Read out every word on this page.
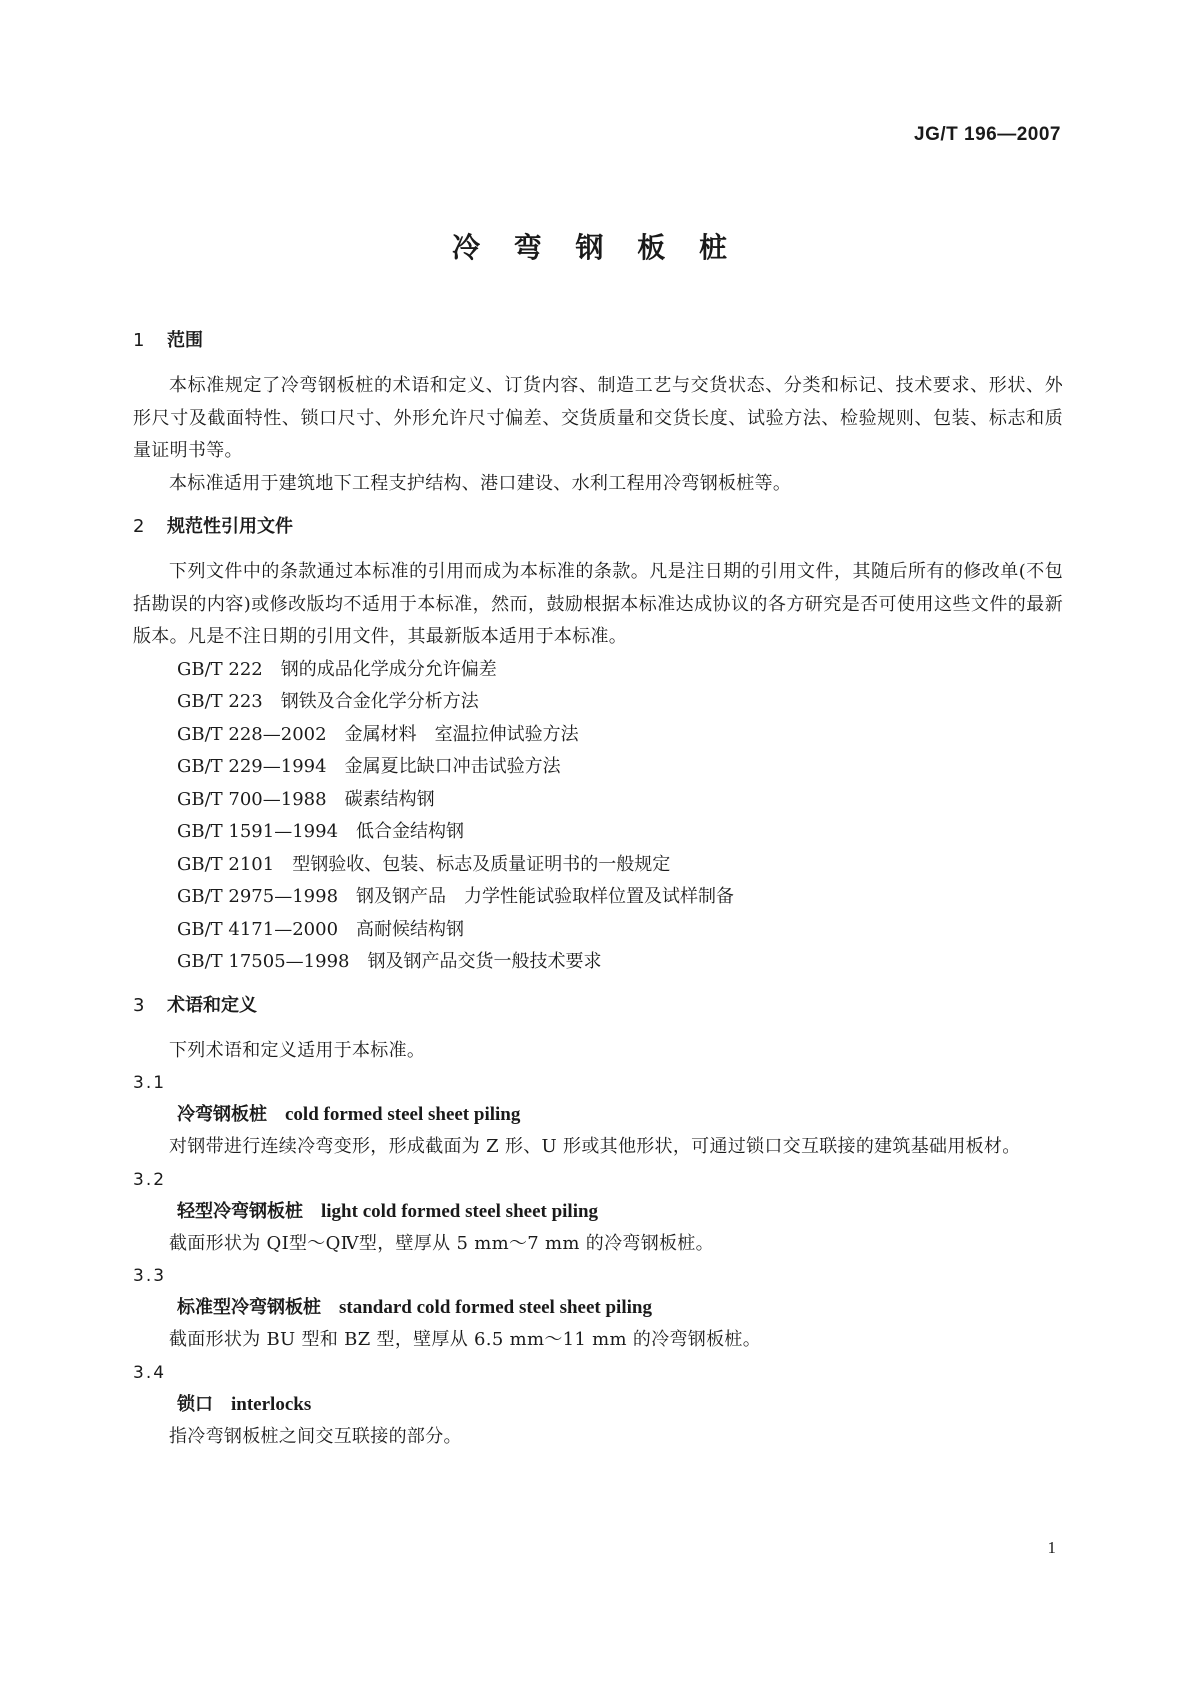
JG/T 196—2007
冷 弯 钢 板 桩

1 范围

本标准规定了冷弯钢板桩的术语和定义、订货内容、制造工艺与交货状态、分类和标记、技术要求、形状、外形尺寸及截面特性、锁口尺寸、外形允许尺寸偏差、交货质量和交货长度、试验方法、检验规则、包装、标志和质量证明书等。

本标准适用于建筑地下工程支护结构、港口建设、水利工程用冷弯钢板桩等。

2 规范性引用文件

下列文件中的条款通过本标准的引用而成为本标准的条款。凡是注日期的引用文件，其随后所有的修改单(不包括勘误的内容)或修改版均不适用于本标准，然而，鼓励根据本标准达成协议的各方研究是否可使用这些文件的最新版本。凡是不注日期的引用文件，其最新版本适用于本标准。

GB/T 222 钢的成品化学成分允许偏差

GB/T 223 钢铁及合金化学分析方法

GB/T 228—2002 金属材料　室温拉伸试验方法

GB/T 229—1994 金属夏比缺口冲击试验方法

GB/T 700—1988 碳素结构钢

GB/T 1591—1994 低合金结构钢

GB/T 2101 型钢验收、包装、标志及质量证明书的一般规定

GB/T 2975—1998 钢及钢产品　力学性能试验取样位置及试样制备

GB/T 4171—2000 高耐候结构钢

GB/T 17505—1998 钢及钢产品交货一般技术要求

3 术语和定义

下列术语和定义适用于本标准。

3.1

冷弯钢板桩 cold formed steel sheet piling

对钢带进行连续冷弯变形，形成截面为 Z 形、U 形或其他形状，可通过锁口交互联接的建筑基础用板材。

3.2

轻型冷弯钢板桩 light cold formed steel sheet piling

截面形状为 QⅠ型～QⅣ型，壁厚从 5 mm～7 mm 的冷弯钢板桩。

3.3

标准型冷弯钢板桩 standard cold formed steel sheet piling

截面形状为 BU 型和 BZ 型，壁厚从 6.5 mm～11 mm 的冷弯钢板桩。

3.4

锁口 interlocks

指冷弯钢板桩之间交互联接的部分。

1
